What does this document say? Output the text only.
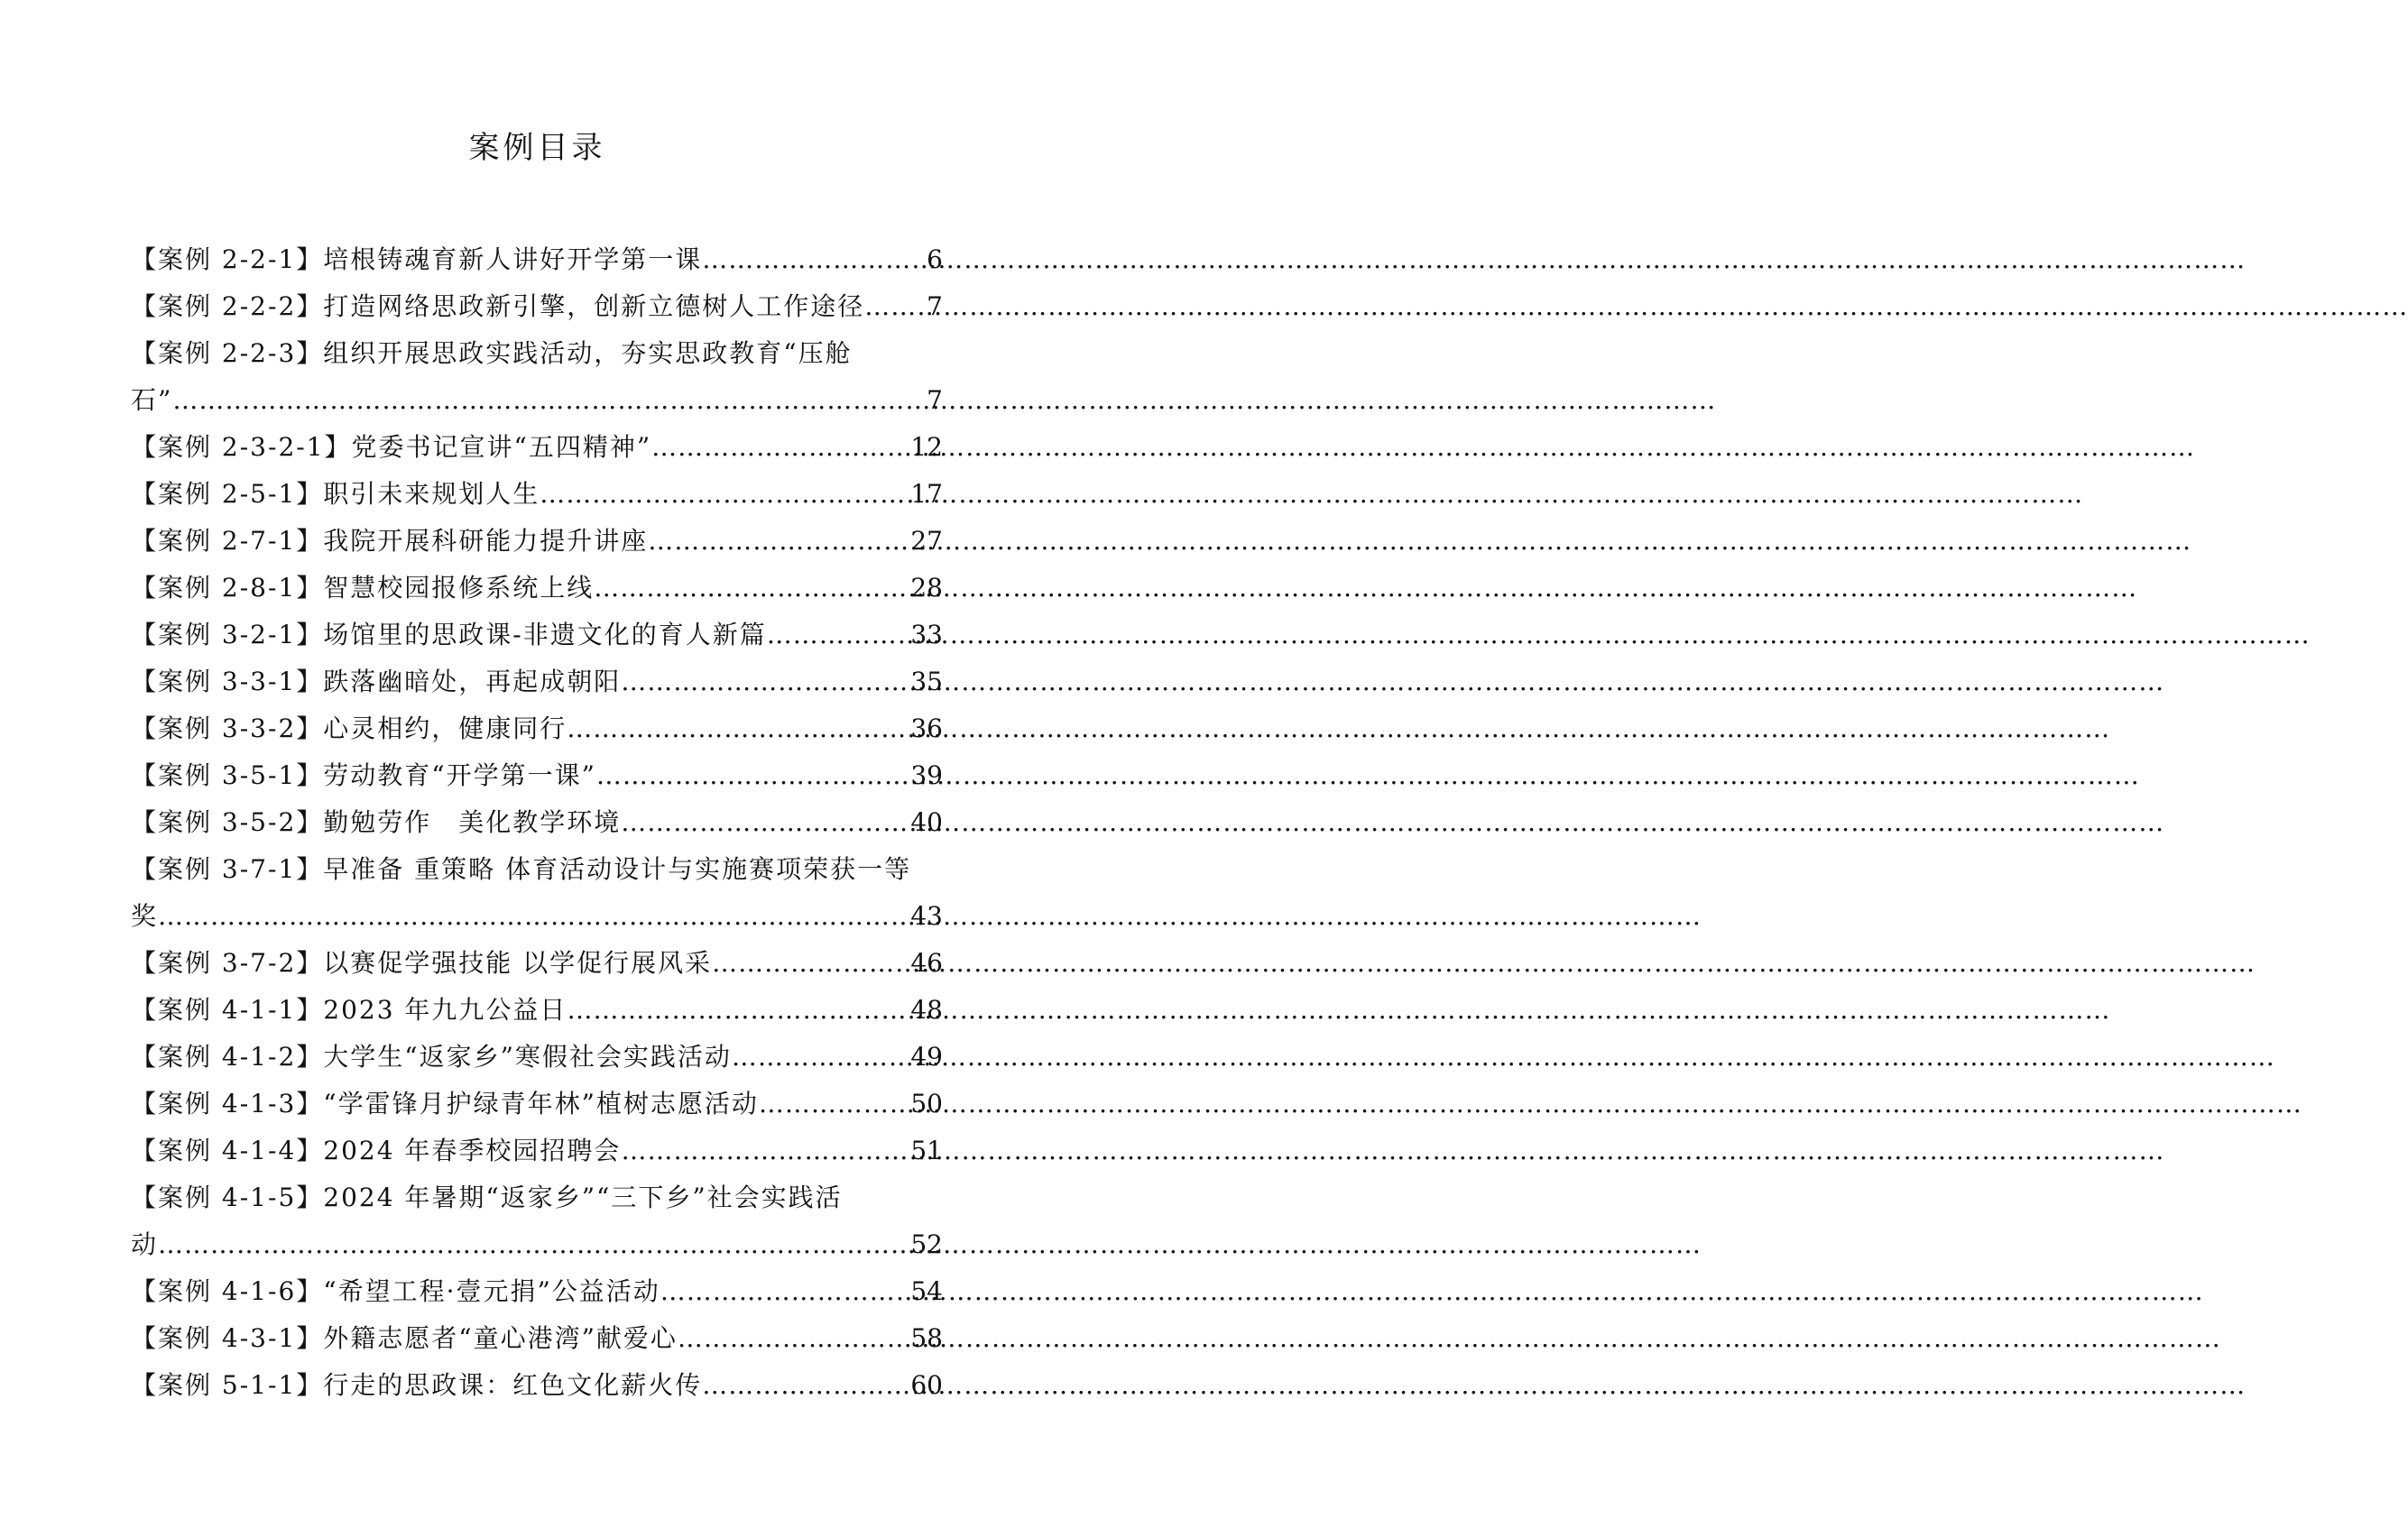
案例目录
【案例 2-2-1】培根铸魂育新人讲好开学第一课 ……………………………………………………………………………………………………………………………………………………………	6
【案例 2-2-2】打造网络思政新引擎，创新立德树人工作途径 …………………………………………………………………………………………………………………………………………………………… 7
【案例 2-2-3】组织开展思政实践活动，夯实思政教育“压舱
石” ……………………………………………………………………………………………………………………………………………………………	7
【案例 2-3-2-1】党委书记宣讲“五四精神” ……………………………………………………………………………………………………………………………………………………………	12
【案例 2-5-1】职引未来规划人生 ……………………………………………………………………………………………………………………………………………………………	17
【案例 2-7-1】我院开展科研能力提升讲座 ……………………………………………………………………………………………………………………………………………………………	27
【案例 2-8-1】智慧校园报修系统上线 ……………………………………………………………………………………………………………………………………………………………	28
【案例 3-2-1】场馆里的思政课-非遗文化的育人新篇 ……………………………………………………………………………………………………………………………………………………………	33
【案例 3-3-1】跌落幽暗处，再起成朝阳 ……………………………………………………………………………………………………………………………………………………………	35
【案例 3-3-2】心灵相约，健康同行 ……………………………………………………………………………………………………………………………………………………………	36
【案例 3-5-1】劳动教育“开学第一课” ……………………………………………………………………………………………………………………………………………………………	39
【案例 3-5-2】勤勉劳作　美化教学环境 ……………………………………………………………………………………………………………………………………………………………	40
【案例 3-7-1】早准备 重策略 体育活动设计与实施赛项荣获一等
奖 ……………………………………………………………………………………………………………………………………………………………	43
【案例 3-7-2】以赛促学强技能 以学促行展风采 ……………………………………………………………………………………………………………………………………………………………	46
【案例 4-1-1】2023 年九九公益日 ……………………………………………………………………………………………………………………………………………………………	48
【案例 4-1-2】大学生“返家乡”寒假社会实践活动 ……………………………………………………………………………………………………………………………………………………………	49
【案例 4-1-3】“学雷锋月护绿青年林”植树志愿活动 ……………………………………………………………………………………………………………………………………………………………	50
【案例 4-1-4】2024 年春季校园招聘会 ……………………………………………………………………………………………………………………………………………………………	51
【案例 4-1-5】2024 年暑期“返家乡”“三下乡”社会实践活
动 ……………………………………………………………………………………………………………………………………………………………	52
【案例 4-1-6】“希望工程·壹元捐”公益活动 ……………………………………………………………………………………………………………………………………………………………	54
【案例 4-3-1】外籍志愿者“童心港湾”献爱心 ……………………………………………………………………………………………………………………………………………………………	58
【案例 5-1-1】行走的思政课：红色文化薪火传 ……………………………………………………………………………………………………………………………………………………………	60
